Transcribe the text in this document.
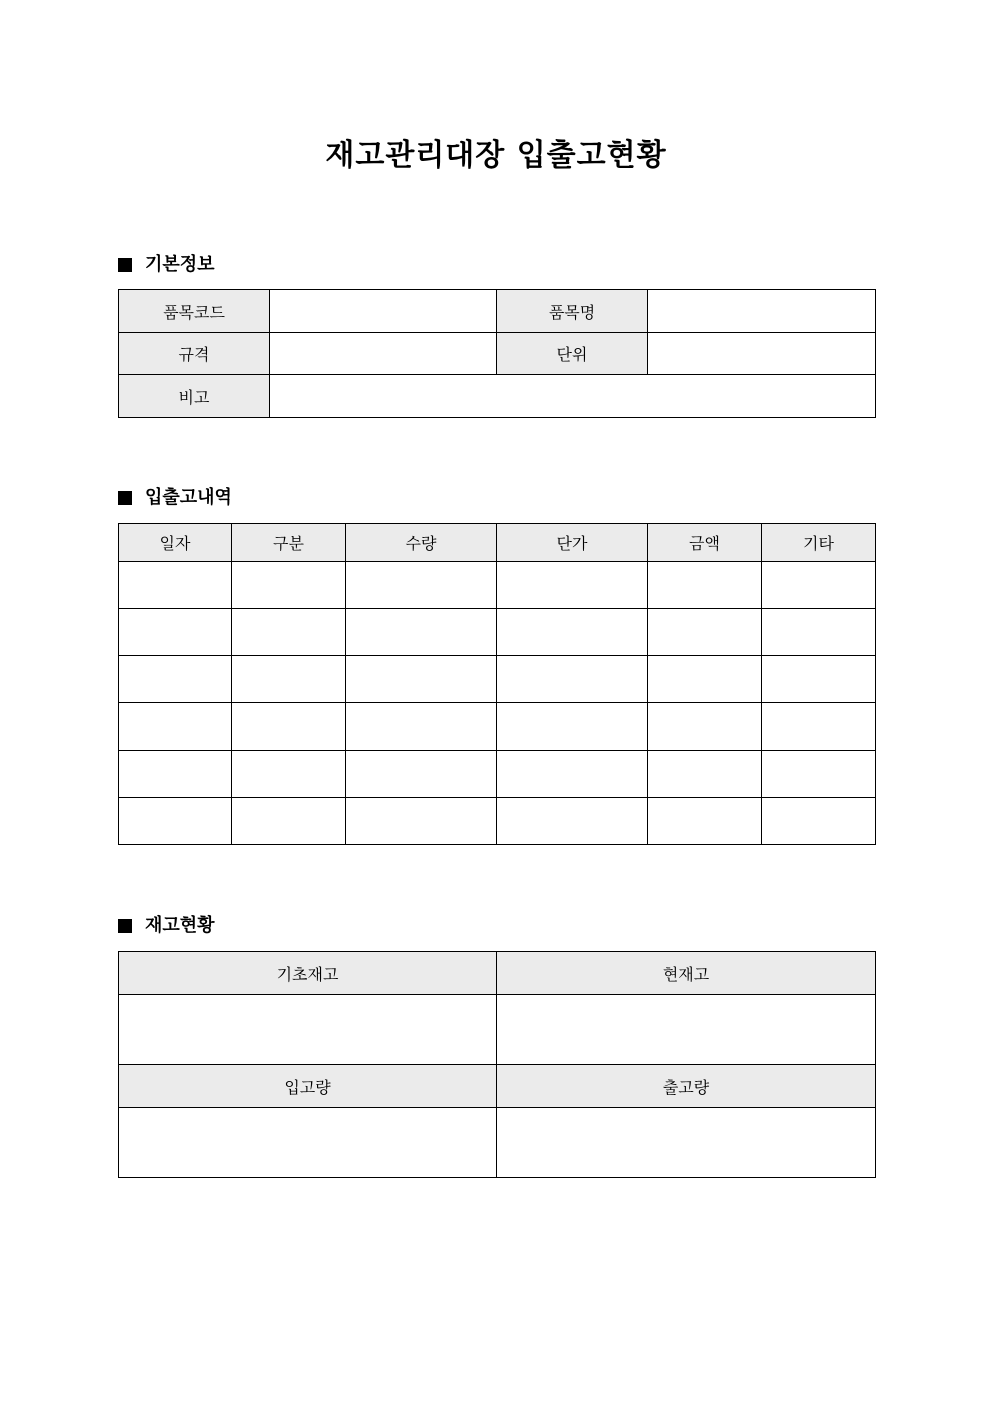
재고관리대장 입출고현황
기본정보
품목코드		품목명	
규격		단위	
비고			
입출고내역
일자	구분	수량	단가	금액	기타

재고현황
기초재고	현재고

입고량	출고량
